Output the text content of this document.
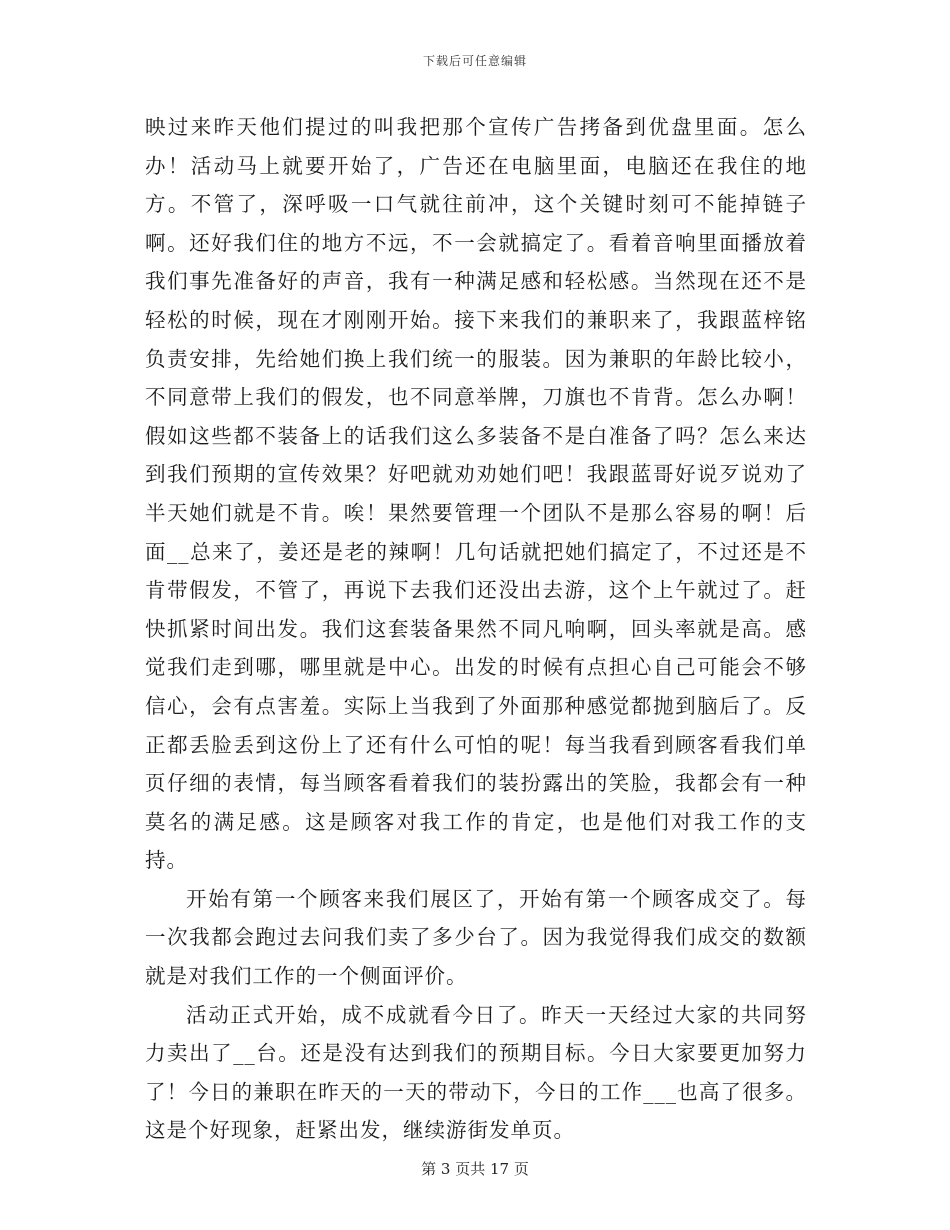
下载后可任意编辑

映过来昨天他们提过的叫我把那个宣传广告拷备到优盘里面。怎么办！活动马上就要开始了，广告还在电脑里面，电脑还在我住的地方。不管了，深呼吸一口气就往前冲，这个关键时刻可不能掉链子啊。还好我们住的地方不远，不一会就搞定了。看着音响里面播放着我们事先准备好的声音，我有一种满足感和轻松感。当然现在还不是轻松的时候，现在才刚刚开始。接下来我们的兼职来了，我跟蓝梓铭负责安排，先给她们换上我们统一的服装。因为兼职的年龄比较小，不同意带上我们的假发，也不同意举牌，刀旗也不肯背。怎么办啊！假如这些都不装备上的话我们这么多装备不是白准备了吗？怎么来达到我们预期的宣传效果？好吧就劝劝她们吧！我跟蓝哥好说歹说劝了半天她们就是不肯。唉！果然要管理一个团队不是那么容易的啊！后面__总来了，姜还是老的辣啊！几句话就把她们搞定了，不过还是不肯带假发，不管了，再说下去我们还没出去游，这个上午就过了。赶快抓紧时间出发。我们这套装备果然不同凡响啊，回头率就是高。感觉我们走到哪，哪里就是中心。出发的时候有点担心自己可能会不够信心，会有点害羞。实际上当我到了外面那种感觉都抛到脑后了。反正都丢脸丢到这份上了还有什么可怕的呢！每当我看到顾客看我们单页仔细的表情，每当顾客看着我们的装扮露出的笑脸，我都会有一种莫名的满足感。这是顾客对我工作的肯定，也是他们对我工作的支持。

开始有第一个顾客来我们展区了，开始有第一个顾客成交了。每一次我都会跑过去问我们卖了多少台了。因为我觉得我们成交的数额就是对我们工作的一个侧面评价。

活动正式开始，成不成就看今日了。昨天一天经过大家的共同努力卖出了__台。还是没有达到我们的预期目标。今日大家要更加努力了！今日的兼职在昨天的一天的带动下，今日的工作___也高了很多。这是个好现象，赶紧出发，继续游街发单页。

第 3 页共 17 页
